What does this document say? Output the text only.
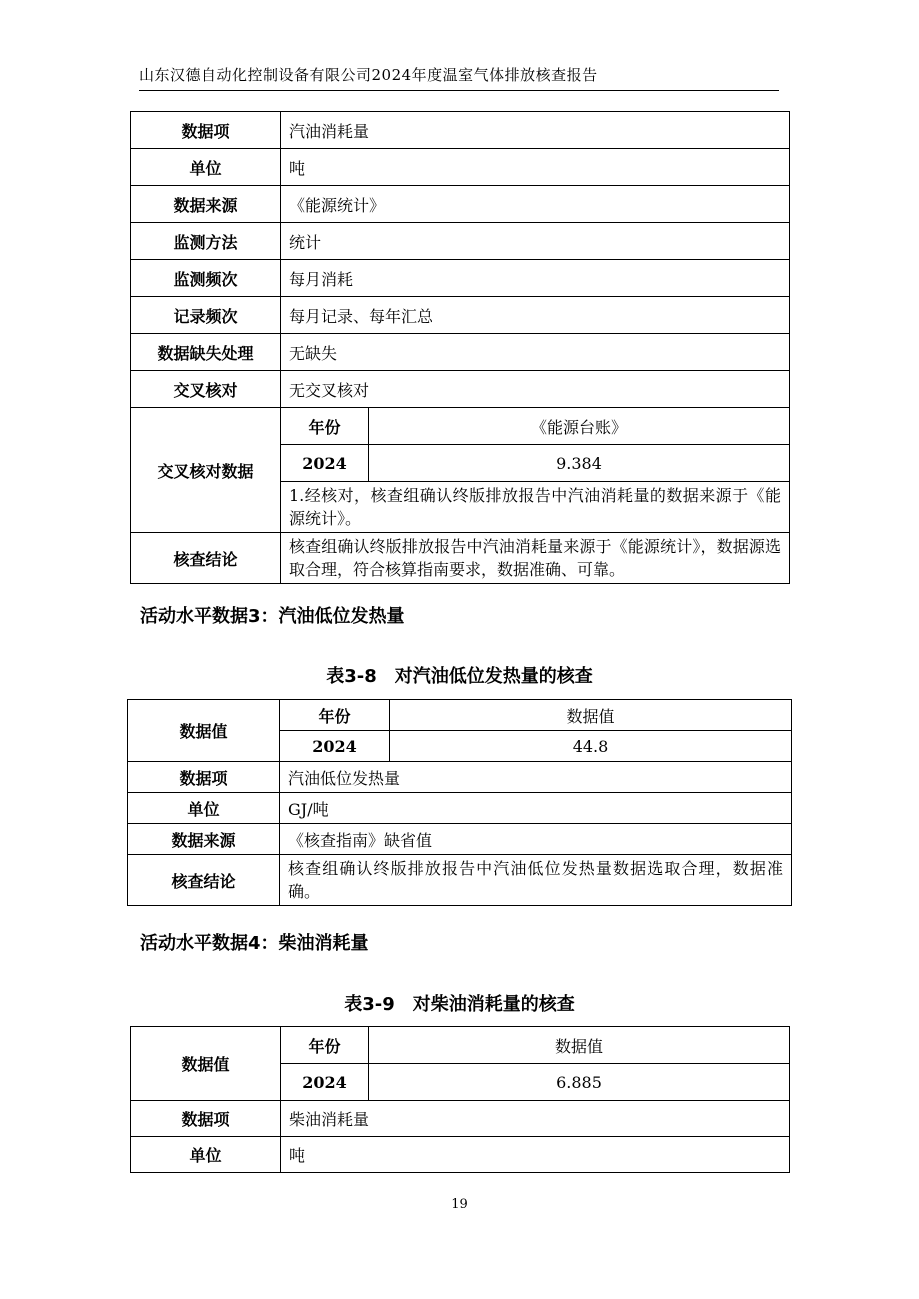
山东汉德自动化控制设备有限公司2024年度温室气体排放核查报告
数据项	汽油消耗量	
单位	吨	
数据来源	《能源统计》	
监测方法	统计	
监测频次	每月消耗	
记录频次	每月记录、每年汇总	
数据缺失处理	无缺失	
交叉核对	无交叉核对	
交叉核对数据	年份	《能源台账》
	2024	9.384
	1.经核对，核查组确认终版排放报告中汽油消耗量的数据来源于《能源统计》。	
核查结论	核查组确认终版排放报告中汽油消耗量来源于《能源统计》，数据源选取合理，符合核算指南要求，数据准确、可靠。	
活动水平数据3：汽油低位发热量
表3-8　对汽油低位发热量的核查
数据值	年份	数据值
	2024	44.8
数据项	汽油低位发热量	
单位	GJ/吨	
数据来源	《核查指南》缺省值	
核查结论	核查组确认终版排放报告中汽油低位发热量数据选取合理，数据准确。	
活动水平数据4：柴油消耗量
表3-9　对柴油消耗量的核查
数据值	年份	数据值
	2024	6.885
数据项	柴油消耗量	
单位	吨	
19
